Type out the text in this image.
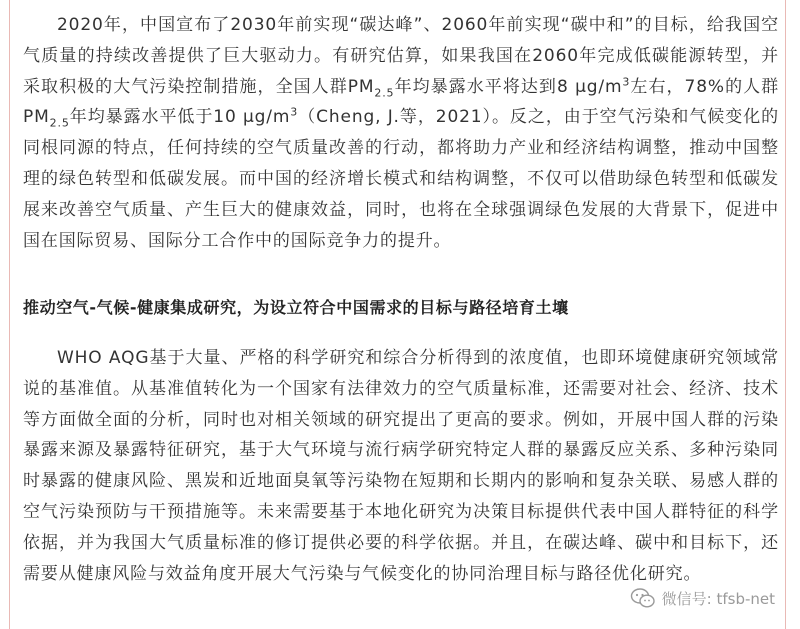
2020年，中国宣布了2030年前实现“碳达峰”、2060年前实现“碳中和”的目标，给我国空气质量的持续改善提供了巨大驱动力。有研究估算，如果我国在2060年完成低碳能源转型，并采取积极的大气污染控制措施，全国人群$PM_{2.5}$年均暴露水平将达到8 $\mu g/m^3$左右，78%的人群$PM_{2.5}$年均暴露水平低于10 $\mu g/m^3(Cheng$, J.等，2021）。反之，由于空气污染和气候变化的同根同源的特点，任何持续的空气质量改善的行动，都将助力产业和经济结构调整，推动中国整理的绿色转型和低碳发展。而中国的经济增长模式和结构调整，不仅可以借助绿色转型和低碳发展来改善空气质量、产生巨大的健康效益，同时，也将在全球强调绿色发展的大背景下，促进中国在国际贸易、国际分工合作中的国际竞争力的提升。

推动空气-气候-健康集成研究，为设立符合中国需求的目标与路径培育土壤

WHO AQG基于大量、严格的科学研究和综合分析得到的浓度值，也即环境健康研究领域常说的基准值。从基准值转化为一个国家有法律效力的空气质量标准，还需要对社会、经济、技术等方面做全面的分析，同时也对相关领域的研究提出了更高的要求。例如，开展中国人群的污染暴露来源及暴露特征研究，基于大气环境与流行病学研究特定人群的暴露反应关系、多种污染同时暴露的健康风险、黑炭和近地面臭氧等污染物在短期和长期内的影响和复杂关联、易感人群的空气污染预防与干预措施等。未来需要基于本地化研究为决策目标提供代表中国人群特征的科学依据，并为我国大气质量标准的修订提供必要的科学依据。并且，在碳达峰、碳中和目标下，还需要从健康风险与效益角度开展大气污染与气候变化的协同治理目标与路径优化研究。

微信号: tfsb-net
